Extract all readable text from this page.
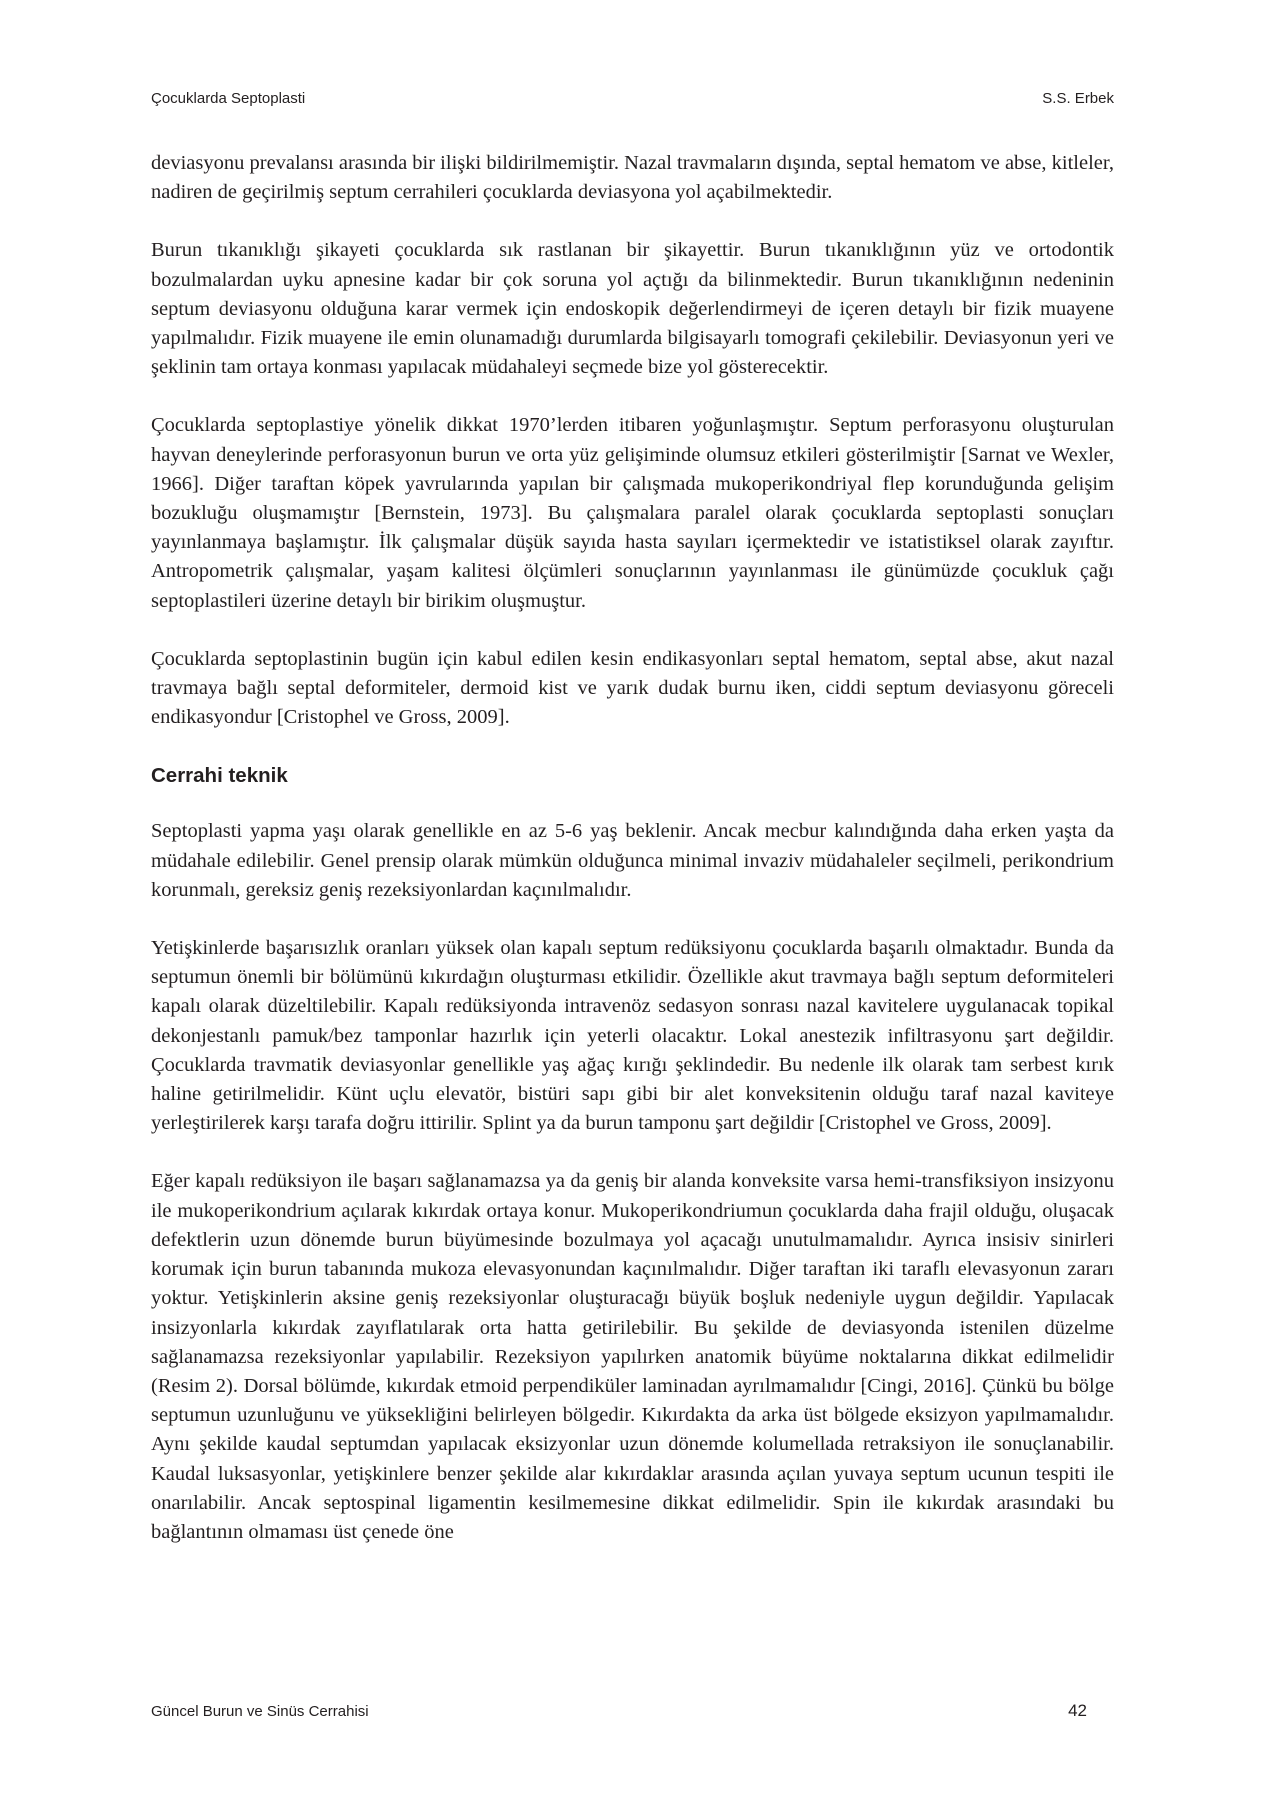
Çocuklarda Septoplasti	S.S. Erbek

deviasyonu prevalansı arasında bir ilişki bildirilmemiştir. Nazal travmaların dışında, septal hematom ve abse, kitleler, nadiren de geçirilmiş septum cerrahileri çocuklarda deviasyona yol açabilmektedir.

Burun tıkanıklığı şikayeti çocuklarda sık rastlanan bir şikayettir. Burun tıkanıklığının yüz ve ortodontik bozulmalardan uyku apnesine kadar bir çok soruna yol açtığı da bilinmektedir. Burun tıkanıklığının nedeninin septum deviasyonu olduğuna karar vermek için endoskopik değerlendirmeyi de içeren detaylı bir fizik muayene yapılmalıdır. Fizik muayene ile emin olunamadığı durumlarda bilgisayarlı tomografi çekilebilir. Deviasyonun yeri ve şeklinin tam ortaya konması yapılacak müdahaleyi seçmede bize yol gösterecektir.

Çocuklarda septoplastiye yönelik dikkat 1970’lerden itibaren yoğunlaşmıştır. Septum perforasyonu oluşturulan hayvan deneylerinde perforasyonun burun ve orta yüz gelişiminde olumsuz etkileri gösterilmiştir [Sarnat ve Wexler, 1966]. Diğer taraftan köpek yavrularında yapılan bir çalışmada mukoperikondriyal flep korunduğunda gelişim bozukluğu oluşmamıştır [Bernstein, 1973]. Bu çalışmalara paralel olarak çocuklarda septoplasti sonuçları yayınlanmaya başlamıştır. İlk çalışmalar düşük sayıda hasta sayıları içermektedir ve istatistiksel olarak zayıftır. Antropometrik çalışmalar, yaşam kalitesi ölçümleri sonuçlarının yayınlanması ile günümüzde çocukluk çağı septoplastileri üzerine detaylı bir birikim oluşmuştur.

Çocuklarda septoplastinin bugün için kabul edilen kesin endikasyonları septal hematom, septal abse, akut nazal travmaya bağlı septal deformiteler, dermoid kist ve yarık dudak burnu iken, ciddi septum deviasyonu göreceli endikasyondur [Cristophel ve Gross, 2009].

Cerrahi teknik

Septoplasti yapma yaşı olarak genellikle en az 5-6 yaş beklenir. Ancak mecbur kalındığında daha erken yaşta da müdahale edilebilir. Genel prensip olarak mümkün olduğunca minimal invaziv müdahaleler seçilmeli, perikondrium korunmalı, gereksiz geniş rezeksiyonlardan kaçınılmalıdır.

Yetişkinlerde başarısızlık oranları yüksek olan kapalı septum redüksiyonu çocuklarda başarılı olmaktadır. Bunda da septumun önemli bir bölümünü kıkırdağın oluşturması etkilidir. Özellikle akut travmaya bağlı septum deformiteleri kapalı olarak düzeltilebilir. Kapalı redüksiyonda intravenöz sedasyon sonrası nazal kavitelere uygulanacak topikal dekonjestanlı pamuk/bez tamponlar hazırlık için yeterli olacaktır. Lokal anestezik infiltrasyonu şart değildir. Çocuklarda travmatik deviasyonlar genellikle yaş ağaç kırığı şeklindedir. Bu nedenle ilk olarak tam serbest kırık haline getirilmelidir. Künt uçlu elevatör, bistüri sapı gibi bir alet konveksitenin olduğu taraf nazal kaviteye yerleştirilerek karşı tarafa doğru ittirilir. Splint ya da burun tamponu şart değildir [Cristophel ve Gross, 2009].

Eğer kapalı redüksiyon ile başarı sağlanamazsa ya da geniş bir alanda konveksite varsa hemi-transfiksiyon insizyonu ile mukoperikondrium açılarak kıkırdak ortaya konur. Mukoperikondriumun çocuklarda daha frajil olduğu, oluşacak defektlerin uzun dönemde burun büyümesinde bozulmaya yol açacağı unutulmamalıdır. Ayrıca insisiv sinirleri korumak için burun tabanında mukoza elevasyonundan kaçınılmalıdır. Diğer taraftan iki taraflı elevasyonun zararı yoktur. Yetişkinlerin aksine geniş rezeksiyonlar oluşturacağı büyük boşluk nedeniyle uygun değildir. Yapılacak insizyonlarla kıkırdak zayıflatılarak orta hatta getirilebilir. Bu şekilde de deviasyonda istenilen düzelme sağlanamazsa rezeksiyonlar yapılabilir. Rezeksiyon yapılırken anatomik büyüme noktalarına dikkat edilmelidir (Resim 2). Dorsal bölümde, kıkırdak etmoid perpendiküler laminadan ayrılmamalıdır [Cingi, 2016]. Çünkü bu bölge septumun uzunluğunu ve yüksekliğini belirleyen bölgedir. Kıkırdakta da arka üst bölgede eksizyon yapılmamalıdır. Aynı şekilde kaudal septumdan yapılacak eksizyonlar uzun dönemde kolumellada retraksiyon ile sonuçlanabilir. Kaudal luksasyonlar, yetişkinlere benzer şekilde alar kıkırdaklar arasında açılan yuvaya septum ucunun tespiti ile onarılabilir. Ancak septospinal ligamentin kesilmemesine dikkat edilmelidir. Spin ile kıkırdak arasındaki bu bağlantının olmaması üst çenede öne

Güncel Burun ve Sinüs Cerrahisi	42
